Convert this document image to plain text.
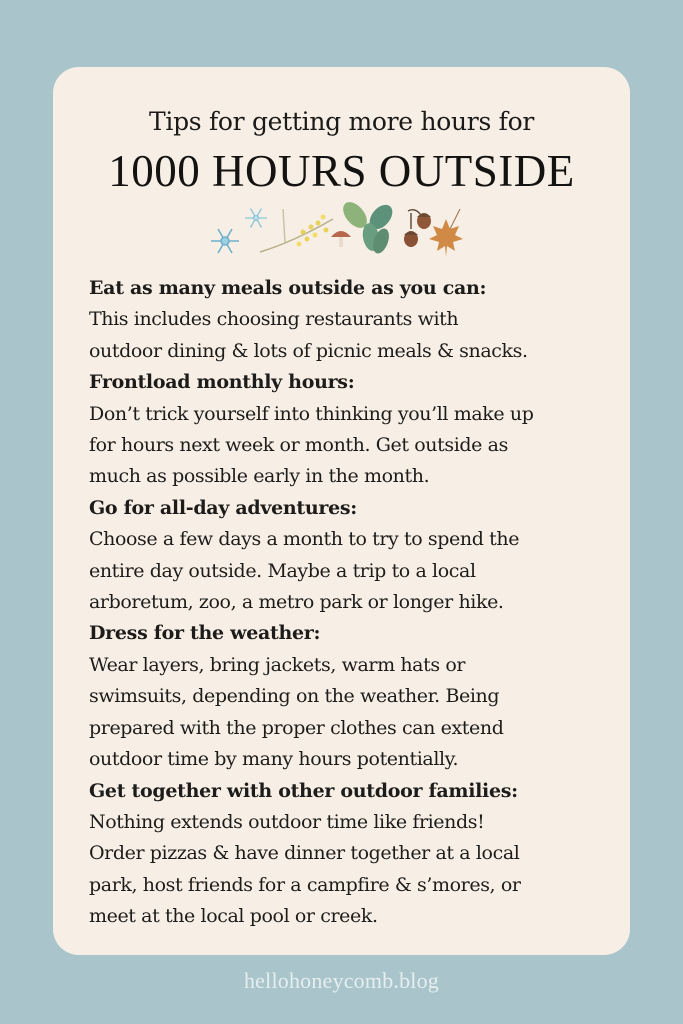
Tips for getting more hours for
1000 HOURS OUTSIDE
Eat as many meals outside as you can:
This includes choosing restaurants with
outdoor dining & lots of picnic meals & snacks.
Frontload monthly hours:
Don’t trick yourself into thinking you’ll make up
for hours next week or month. Get outside as
much as possible early in the month.
Go for all-day adventures:
Choose a few days a month to try to spend the
entire day outside. Maybe a trip to a local
arboretum, zoo, a metro park or longer hike.
Dress for the weather:
Wear layers, bring jackets, warm hats or
swimsuits, depending on the weather. Being
prepared with the proper clothes can extend
outdoor time by many hours potentially.
Get together with other outdoor families:
Nothing extends outdoor time like friends!
Order pizzas & have dinner together at a local
park, host friends for a campfire & s’mores, or
meet at the local pool or creek.
hellohoneycomb.blog
